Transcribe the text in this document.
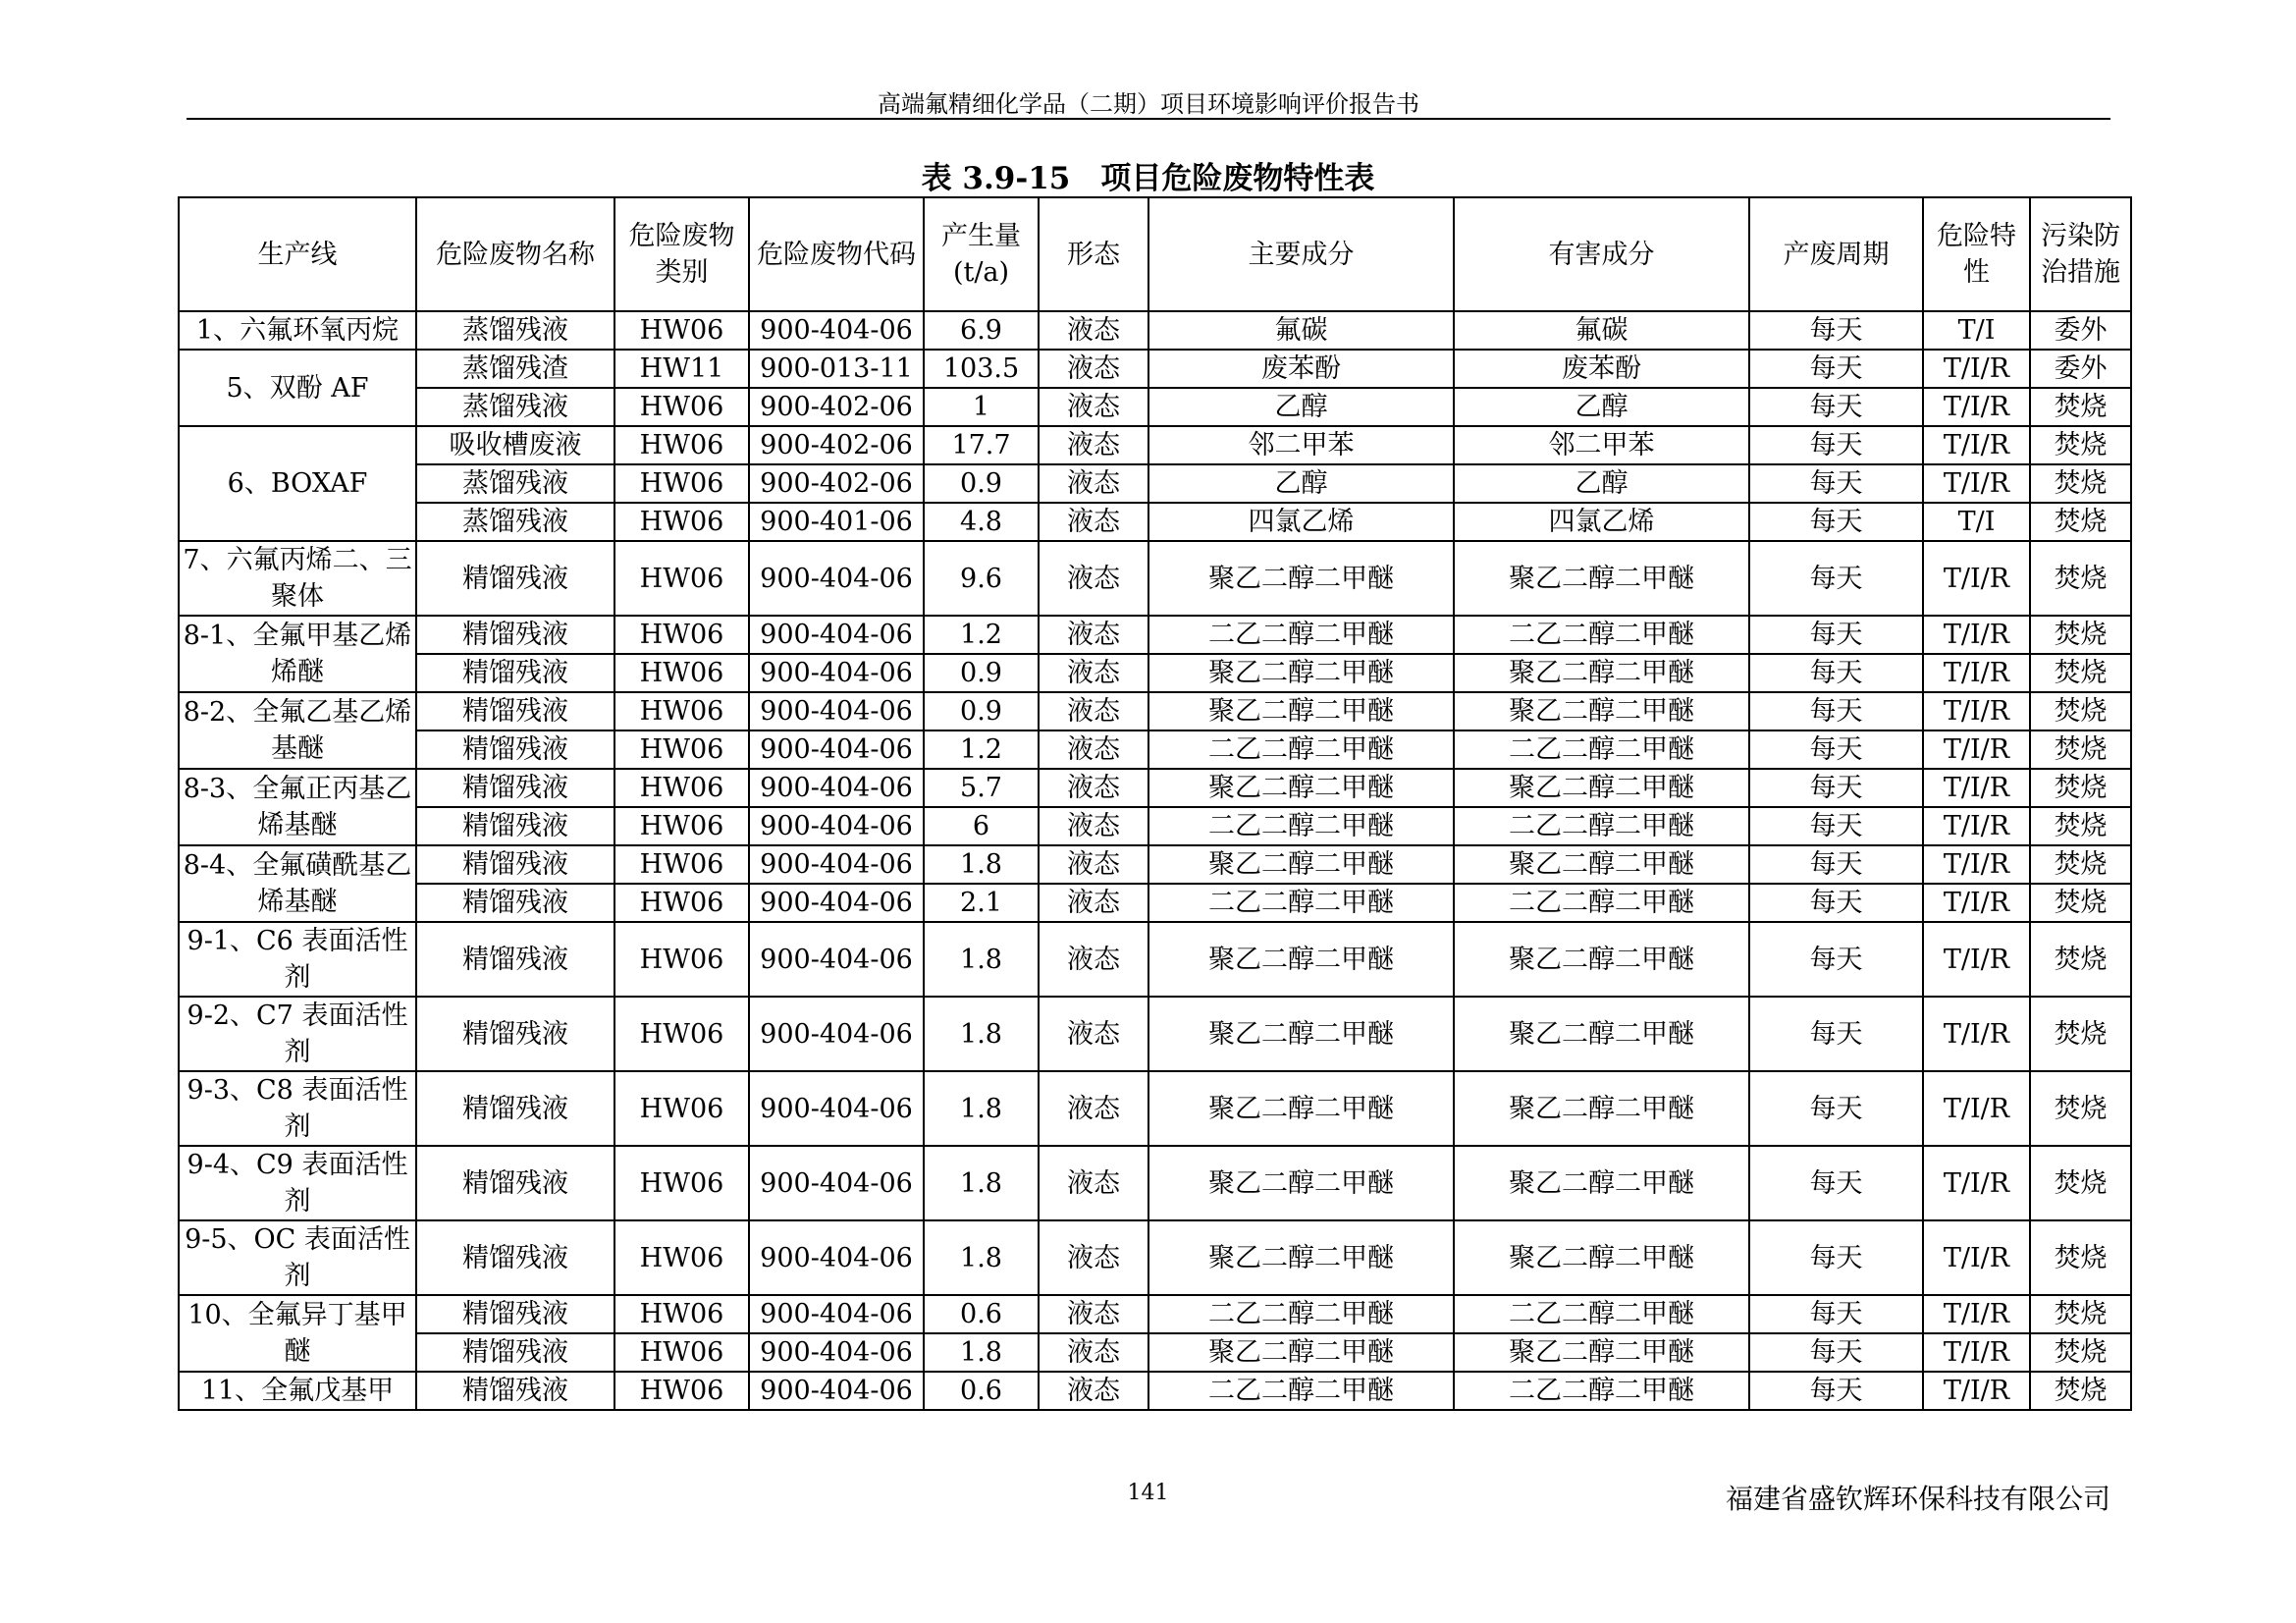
高端氟精细化学品（二期）项目环境影响评价报告书
表 3.9-15　项目危险废物特性表
生产线	危险废物名称	危险废物类别	危险废物代码	产生量(t/a)	形态	主要成分	有害成分	产废周期	危险特性	污染防治措施
1、六氟环氧丙烷	蒸馏残液	HW06	900-404-06	6.9	液态	氟碳	氟碳	每天	T/I	委外
5、双酚 AF	蒸馏残渣	HW11	900-013-11	103.5	液态	废苯酚	废苯酚	每天	T/I/R	委外
	蒸馏残液	HW06	900-402-06	1	液态	乙醇	乙醇	每天	T/I/R	焚烧
6、BOXAF	吸收槽废液	HW06	900-402-06	17.7	液态	邻二甲苯	邻二甲苯	每天	T/I/R	焚烧
	蒸馏残液	HW06	900-402-06	0.9	液态	乙醇	乙醇	每天	T/I/R	焚烧
	蒸馏残液	HW06	900-401-06	4.8	液态	四氯乙烯	四氯乙烯	每天	T/I	焚烧
7、六氟丙烯二、三聚体	精馏残液	HW06	900-404-06	9.6	液态	聚乙二醇二甲醚	聚乙二醇二甲醚	每天	T/I/R	焚烧
8-1、全氟甲基乙烯烯醚	精馏残液	HW06	900-404-06	1.2	液态	二乙二醇二甲醚	二乙二醇二甲醚	每天	T/I/R	焚烧
	精馏残液	HW06	900-404-06	0.9	液态	聚乙二醇二甲醚	聚乙二醇二甲醚	每天	T/I/R	焚烧
8-2、全氟乙基乙烯基醚	精馏残液	HW06	900-404-06	0.9	液态	聚乙二醇二甲醚	聚乙二醇二甲醚	每天	T/I/R	焚烧
	精馏残液	HW06	900-404-06	1.2	液态	二乙二醇二甲醚	二乙二醇二甲醚	每天	T/I/R	焚烧
8-3、全氟正丙基乙烯基醚	精馏残液	HW06	900-404-06	5.7	液态	聚乙二醇二甲醚	聚乙二醇二甲醚	每天	T/I/R	焚烧
	精馏残液	HW06	900-404-06	6	液态	二乙二醇二甲醚	二乙二醇二甲醚	每天	T/I/R	焚烧
8-4、全氟磺酰基乙烯基醚	精馏残液	HW06	900-404-06	1.8	液态	聚乙二醇二甲醚	聚乙二醇二甲醚	每天	T/I/R	焚烧
	精馏残液	HW06	900-404-06	2.1	液态	二乙二醇二甲醚	二乙二醇二甲醚	每天	T/I/R	焚烧
9-1、C6 表面活性剂	精馏残液	HW06	900-404-06	1.8	液态	聚乙二醇二甲醚	聚乙二醇二甲醚	每天	T/I/R	焚烧
9-2、C7 表面活性剂	精馏残液	HW06	900-404-06	1.8	液态	聚乙二醇二甲醚	聚乙二醇二甲醚	每天	T/I/R	焚烧
9-3、C8 表面活性剂	精馏残液	HW06	900-404-06	1.8	液态	聚乙二醇二甲醚	聚乙二醇二甲醚	每天	T/I/R	焚烧
9-4、C9 表面活性剂	精馏残液	HW06	900-404-06	1.8	液态	聚乙二醇二甲醚	聚乙二醇二甲醚	每天	T/I/R	焚烧
9-5、OC 表面活性剂	精馏残液	HW06	900-404-06	1.8	液态	聚乙二醇二甲醚	聚乙二醇二甲醚	每天	T/I/R	焚烧
10、全氟异丁基甲醚	精馏残液	HW06	900-404-06	0.6	液态	二乙二醇二甲醚	二乙二醇二甲醚	每天	T/I/R	焚烧
	精馏残液	HW06	900-404-06	1.8	液态	聚乙二醇二甲醚	聚乙二醇二甲醚	每天	T/I/R	焚烧
11、全氟戊基甲	精馏残液	HW06	900-404-06	0.6	液态	二乙二醇二甲醚	二乙二醇二甲醚	每天	T/I/R	焚烧
141	福建省盛钦辉环保科技有限公司
